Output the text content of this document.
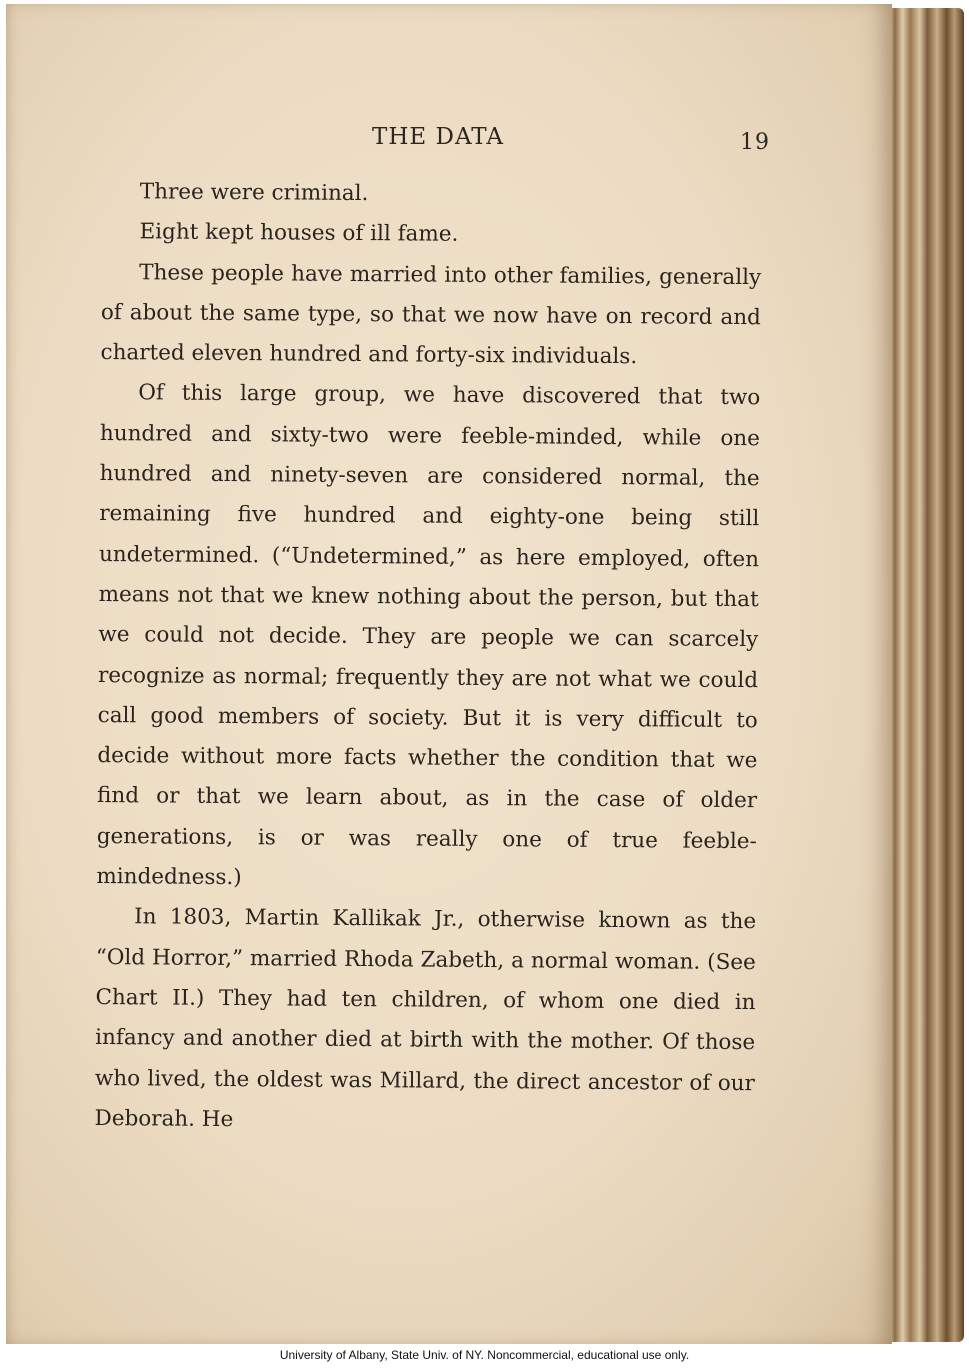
THE DATA	19

Three were criminal.

Eight kept houses of ill fame.

These people have married into other families, generally of about the same type, so that we now have on record and charted eleven hundred and forty-six individuals.

Of this large group, we have discovered that two hundred and sixty-two were feeble-minded, while one hundred and ninety-seven are considered normal, the remaining five hundred and eighty-one being still undetermined. (“Undetermined,” as here employed, often means not that we knew nothing about the person, but that we could not decide. They are people we can scarcely recognize as normal; frequently they are not what we could call good members of society. But it is very difficult to decide without more facts whether the condition that we find or that we learn about, as in the case of older generations, is or was really one of true feeble-mindedness.)

In 1803, Martin Kallikak Jr., otherwise known as the “Old Horror,” married Rhoda Zabeth, a normal woman. (See Chart II.) They had ten children, of whom one died in infancy and another died at birth with the mother. Of those who lived, the oldest was Millard, the direct ancestor of our Deborah. He

University of Albany, State Univ. of NY. Noncommercial, educational use only.
